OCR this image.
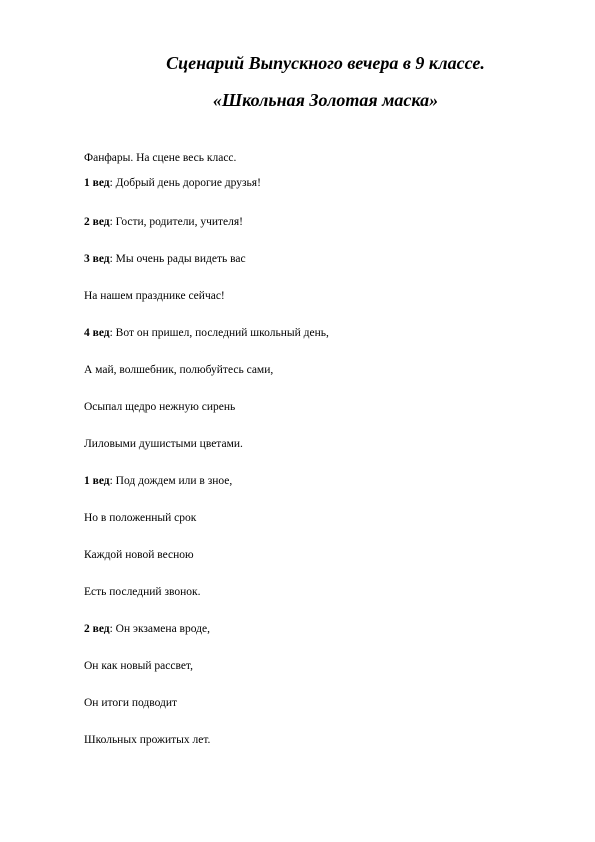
Сценарий Выпускного вечера в 9 классе.
«Школьная Золотая маска»
Фанфары. На сцене весь класс.
1 вед: Добрый день дорогие друзья!
2 вед: Гости, родители, учителя!
3 вед: Мы очень рады видеть вас
На нашем празднике сейчас!
4 вед: Вот он пришел, последний школьный день,
А май, волшебник, полюбуйтесь сами,
Осыпал щедро нежную сирень
Лиловыми душистыми цветами.
1 вед: Под дождем или в зное,
Но в положенный срок
Каждой новой весною
Есть последний звонок.
2 вед: Он экзамена вроде,
Он как новый рассвет,
Он итоги подводит
Школьных прожитых лет.
